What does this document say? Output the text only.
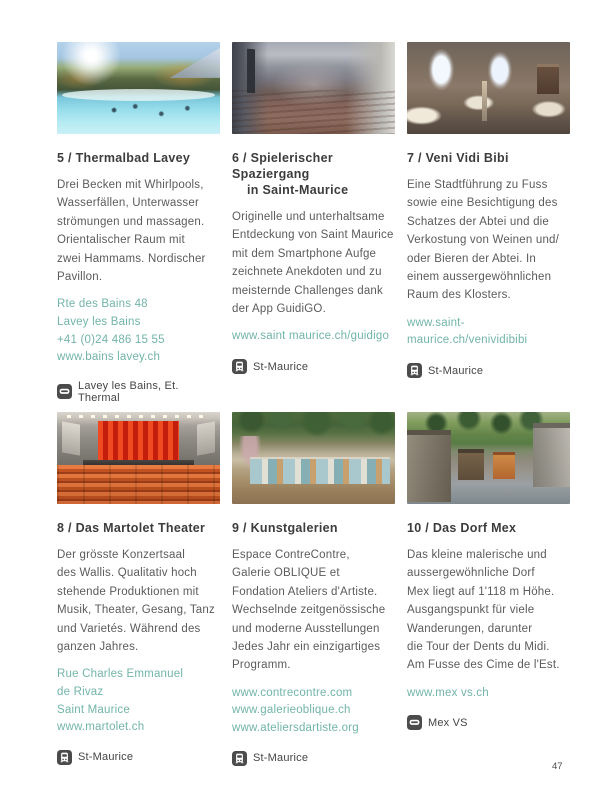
5 / Thermalbad Lavey
Drei Becken mit Whirlpools,
Wasserfällen, Unterwasser
strömungen und massagen.
Orientalischer Raum mit
zwei Hammams. Nordischer
Pavillon.
Rte des Bains 48
Lavey les Bains
+41 (0)24 486 15 55
www.bains lavey.ch
Lavey les Bains, Et. Thermal
6 / Spielerischer Spaziergang
in Saint-Maurice
Originelle und unterhaltsame
Entdeckung von Saint Maurice
mit dem Smartphone Aufge
zeichnete Anekdoten und zu
meisternde Challenges dank
der App GuidiGO.
www.saint maurice.ch/guidigo
St-Maurice
7 / Veni Vidi Bibi
Eine Stadtführung zu Fuss
sowie eine Besichtigung des
Schatzes der Abtei und die
Verkostung von Weinen und/
oder Bieren der Abtei. In
einem aussergewöhnlichen
Raum des Klosters.
www.saint-maurice.ch/venividibibi
St-Maurice
8 / Das Martolet Theater
Der grösste Konzertsaal
des Wallis. Qualitativ hoch
stehende Produktionen mit
Musik, Theater, Gesang, Tanz
und Varietés. Während des
ganzen Jahres.
Rue Charles Emmanuel
de Rivaz
Saint Maurice
www.martolet.ch
St-Maurice
9 / Kunstgalerien
Espace ContreContre,
Galerie OBLIQUE et
Fondation Ateliers d'Artiste.
Wechselnde zeitgenössische
und moderne Ausstellungen
Jedes Jahr ein einzigartiges
Programm.
www.contrecontre.com
www.galerieoblique.ch
www.ateliersdartiste.org
St-Maurice
10 / Das Dorf Mex
Das kleine malerische und
aussergewöhnliche Dorf
Mex liegt auf 1'118 m Höhe.
Ausgangspunkt für viele
Wanderungen, darunter
die Tour der Dents du Midi.
Am Fusse des Cime de l'Est.
www.mex vs.ch
Mex VS
47
